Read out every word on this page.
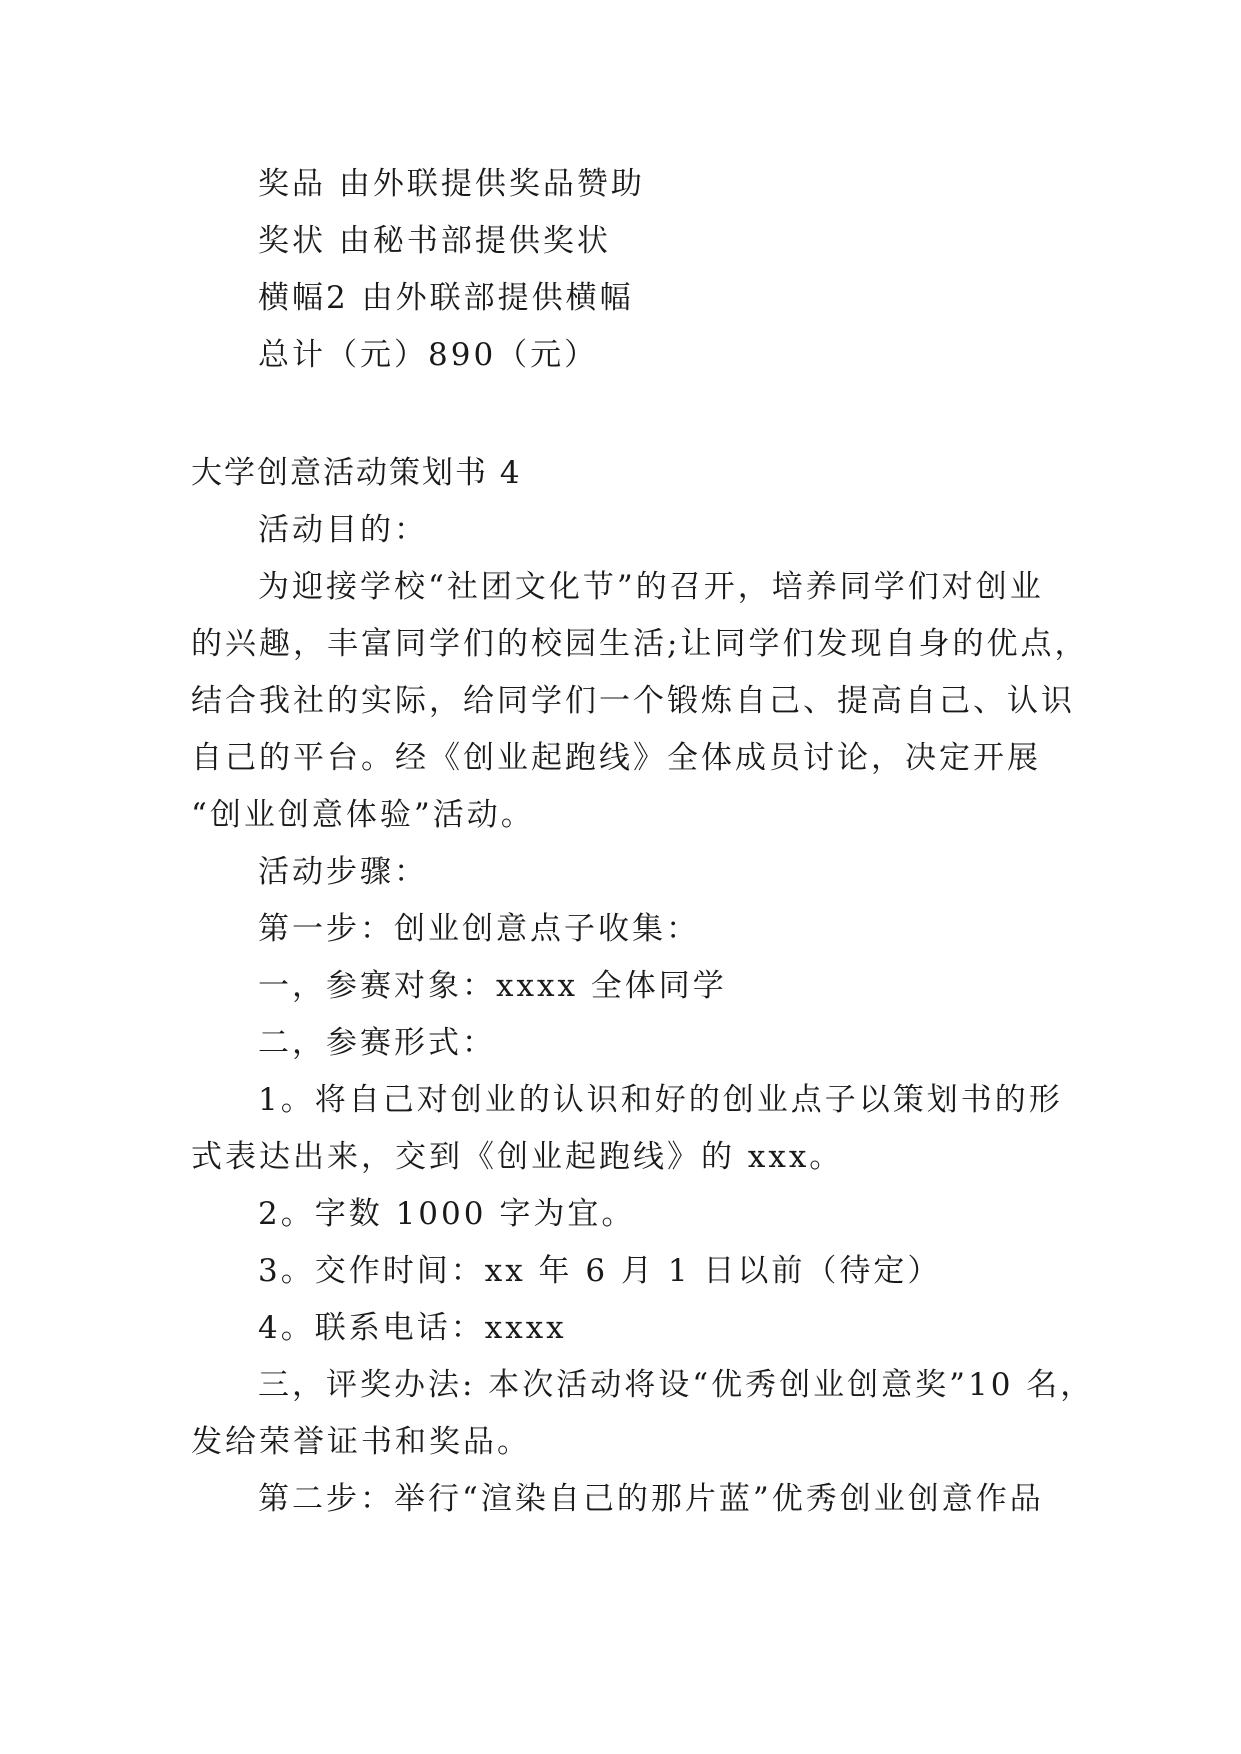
奖品 由外联提供奖品赞助
奖状 由秘书部提供奖状
横幅2 由外联部提供横幅
总计（元）890（元）
大学创意活动策划书 4
活动目的：
为迎接学校“社团文化节”的召开，培养同学们对创业
的兴趣，丰富同学们的校园生活;让同学们发现自身的优点，
结合我社的实际，给同学们一个锻炼自己、提高自己、认识
自己的平台。经《创业起跑线》全体成员讨论，决定开展
“创业创意体验”活动。
活动步骤：
第一步：创业创意点子收集：
一，参赛对象：xxxx 全体同学
二，参赛形式：
1。将自己对创业的认识和好的创业点子以策划书的形
式表达出来，交到《创业起跑线》的 xxx。
2。字数 1000 字为宜。
3。交作时间：xx 年 6 月 1 日以前（待定）
4。联系电话：xxxx
三，评奖办法: 本次活动将设“优秀创业创意奖”10 名，
发给荣誉证书和奖品。
第二步：举行“渲染自己的那片蓝”优秀创业创意作品
